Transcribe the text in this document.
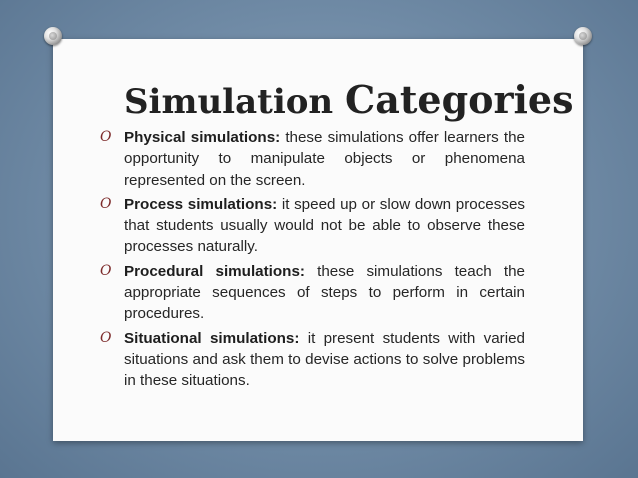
Simulation Categories
O Physical simulations: these simulations offer learners the opportunity to manipulate objects or phenomena represented on the screen.
O Process simulations: it speed up or slow down processes that students usually would not be able to observe these processes naturally.
O Procedural simulations: these simulations teach the appropriate sequences of steps to perform in certain procedures.
O Situational simulations: it present students with varied situations and ask them to devise actions to solve problems in these situations.
